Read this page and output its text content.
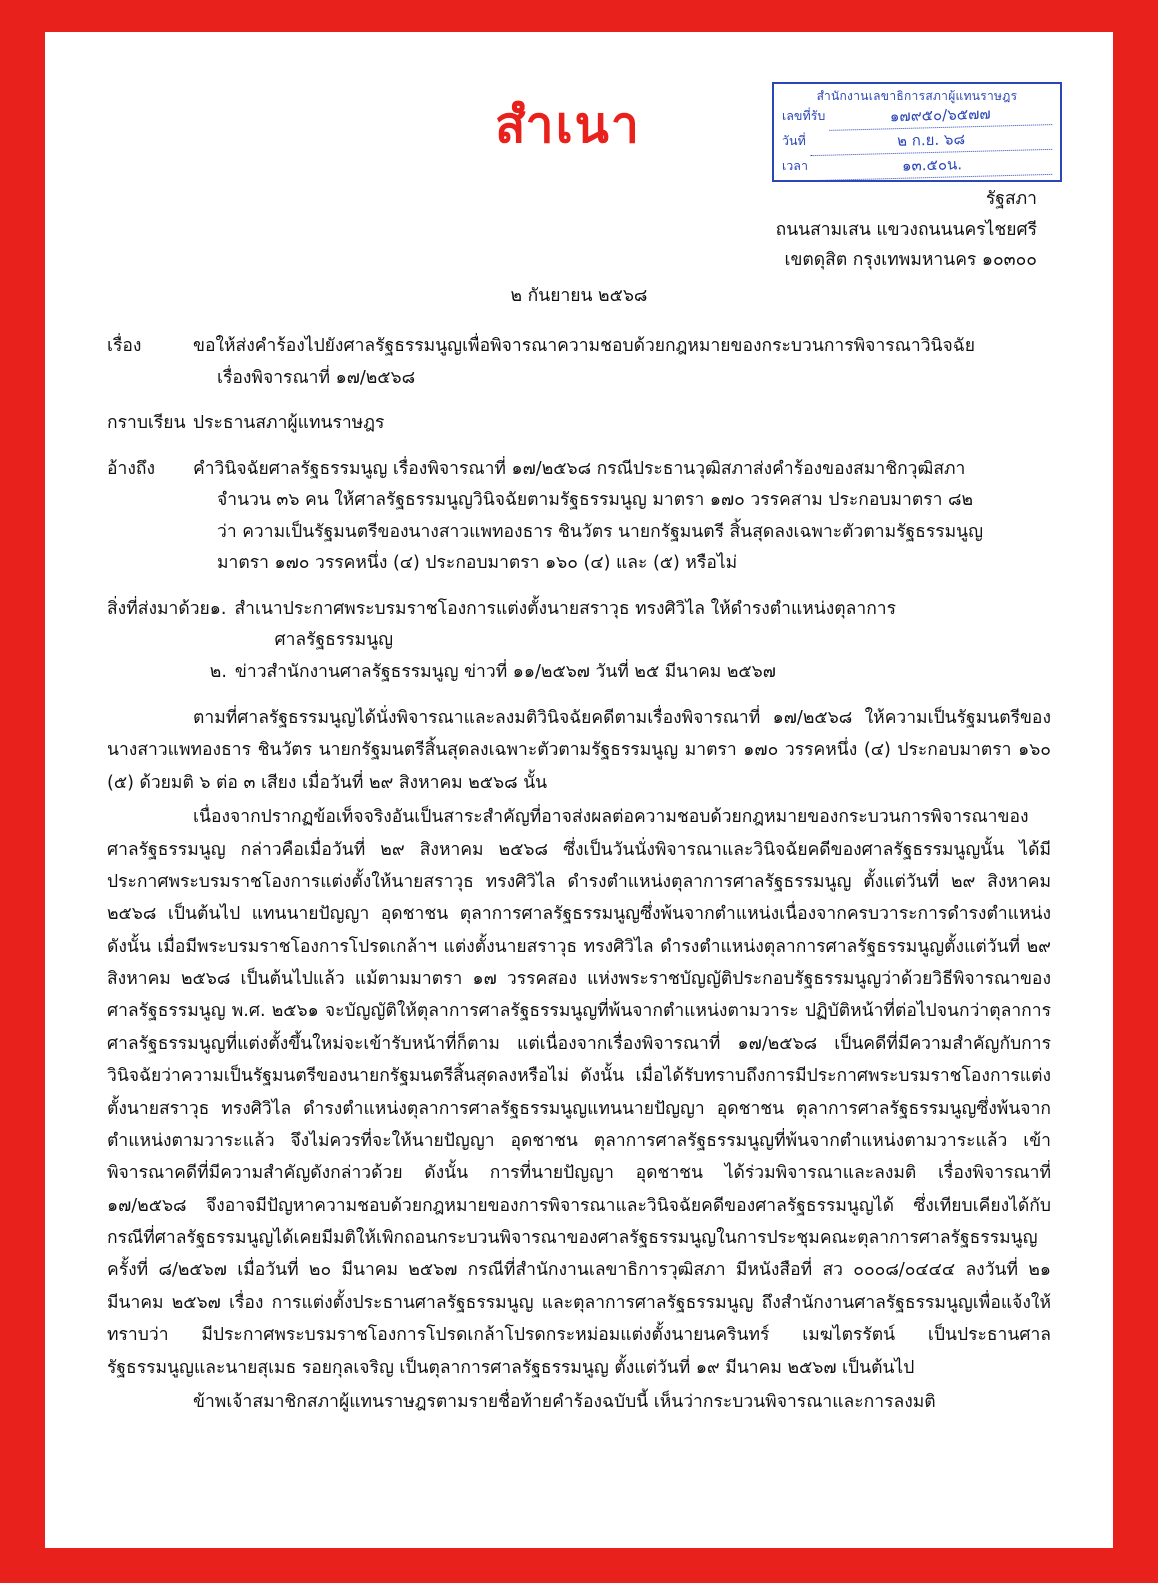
สำเนา	สำนักงานเลขาธิการสภาผู้แทนราษฎร
เลขที่รับ	๑๗๙๕๐/๖๕๗๗
วันที่	๒ ก.ย. ๖๘
เวลา	๑๓.๕๐น.
รัฐสภา
ถนนสามเสน แขวงถนนนครไชยศรี
เขตดุสิต กรุงเทพมหานคร ๑๐๓๐๐
๒ กันยายน ๒๕๖๘
เรื่อง	ขอให้ส่งคำร้องไปยังศาลรัฐธรรมนูญเพื่อพิจารณาความชอบด้วยกฎหมายของกระบวนการพิจารณาวินิจฉัย
เรื่องพิจารณาที่ ๑๗/๒๕๖๘
กราบเรียน ประธานสภาผู้แทนราษฎร
อ้างถึง	คำวินิจฉัยศาลรัฐธรรมนูญ เรื่องพิจารณาที่ ๑๗/๒๕๖๘ กรณีประธานวุฒิสภาส่งคำร้องของสมาชิกวุฒิสภา
จำนวน ๓๖ คน ให้ศาลรัฐธรรมนูญวินิจฉัยตามรัฐธรรมนูญ มาตรา ๑๗๐ วรรคสาม ประกอบมาตรา ๘๒
ว่า ความเป็นรัฐมนตรีของนางสาวแพทองธาร ชินวัตร นายกรัฐมนตรี สิ้นสุดลงเฉพาะตัวตามรัฐธรรมนูญ
มาตรา ๑๗๐ วรรคหนึ่ง (๔) ประกอบมาตรา ๑๖๐ (๔) และ (๕) หรือไม่
สิ่งที่ส่งมาด้วย ๑. สำเนาประกาศพระบรมราชโองการแต่งตั้งนายสราวุธ ทรงศิวิไล ให้ดำรงตำแหน่งตุลาการ
ศาลรัฐธรรมนูญ
๒. ข่าวสำนักงานศาลรัฐธรรมนูญ ข่าวที่ ๑๑/๒๕๖๗ วันที่ ๒๕ มีนาคม ๒๕๖๗

ตามที่ศาลรัฐธรรมนูญได้นั่งพิจารณาและลงมติวินิจฉัยคดีตามเรื่องพิจารณาที่ ๑๗/๒๕๖๘ ให้ความเป็นรัฐมนตรีของนางสาวแพทองธาร ชินวัตร นายกรัฐมนตรีสิ้นสุดลงเฉพาะตัวตามรัฐธรรมนูญ มาตรา ๑๗๐ วรรคหนึ่ง (๔) ประกอบมาตรา ๑๖๐ (๕) ด้วยมติ ๖ ต่อ ๓ เสียง เมื่อวันที่ ๒๙ สิงหาคม ๒๕๖๘ นั้น

เนื่องจากปรากฏข้อเท็จจริงอันเป็นสาระสำคัญที่อาจส่งผลต่อความชอบด้วยกฎหมายของกระบวนการพิจารณาของศาลรัฐธรรมนูญ กล่าวคือเมื่อวันที่ ๒๙ สิงหาคม ๒๕๖๘ ซึ่งเป็นวันนั่งพิจารณาและวินิจฉัยคดีของศาลรัฐธรรมนูญนั้น ได้มีประกาศพระบรมราชโองการแต่งตั้งให้นายสราวุธ ทรงศิวิไล ดำรงตำแหน่งตุลาการศาลรัฐธรรมนูญ ตั้งแต่วันที่ ๒๙ สิงหาคม ๒๕๖๘ เป็นต้นไป แทนนายปัญญา อุดชาชน ตุลาการศาลรัฐธรรมนูญซึ่งพ้นจากตำแหน่งเนื่องจากครบวาระการดำรงตำแหน่ง ดังนั้น เมื่อมีพระบรมราชโองการโปรดเกล้าฯ แต่งตั้งนายสราวุธ ทรงศิวิไล ดำรงตำแหน่งตุลาการศาลรัฐธรรมนูญตั้งแต่วันที่ ๒๙ สิงหาคม ๒๕๖๘ เป็นต้นไปแล้ว แม้ตามมาตรา ๑๗ วรรคสอง แห่งพระราชบัญญัติประกอบรัฐธรรมนูญว่าด้วยวิธีพิจารณาของศาลรัฐธรรมนูญ พ.ศ. ๒๕๖๑ จะบัญญัติให้ตุลาการศาลรัฐธรรมนูญที่พ้นจากตำแหน่งตามวาระ ปฏิบัติหน้าที่ต่อไปจนกว่าตุลาการศาลรัฐธรรมนูญที่แต่งตั้งขึ้นใหม่จะเข้ารับหน้าที่ก็ตาม แต่เนื่องจากเรื่องพิจารณาที่ ๑๗/๒๕๖๘ เป็นคดีที่มีความสำคัญกับการวินิจฉัยว่าความเป็นรัฐมนตรีของนายกรัฐมนตรีสิ้นสุดลงหรือไม่ ดังนั้น เมื่อได้รับทราบถึงการมีประกาศพระบรมราชโองการแต่งตั้งนายสราวุธ ทรงศิวิไล ดำรงตำแหน่งตุลาการศาลรัฐธรรมนูญแทนนายปัญญา อุดชาชน ตุลาการศาลรัฐธรรมนูญซึ่งพ้นจากตำแหน่งตามวาระแล้ว จึงไม่ควรที่จะให้นายปัญญา อุดชาชน ตุลาการศาลรัฐธรรมนูญที่พ้นจากตำแหน่งตามวาระแล้ว เข้าพิจารณาคดีที่มีความสำคัญดังกล่าวด้วย ดังนั้น การที่นายปัญญา อุดชาชน ได้ร่วมพิจารณาและลงมติ เรื่องพิจารณาที่ ๑๗/๒๕๖๘ จึงอาจมีปัญหาความชอบด้วยกฎหมายของการพิจารณาและวินิจฉัยคดีของศาลรัฐธรรมนูญได้ ซึ่งเทียบเคียงได้กับกรณีที่ศาลรัฐธรรมนูญได้เคยมีมติให้เพิกถอนกระบวนพิจารณาของศาลรัฐธรรมนูญในการประชุมคณะตุลาการศาลรัฐธรรมนูญ ครั้งที่ ๘/๒๕๖๗ เมื่อวันที่ ๒๐ มีนาคม ๒๕๖๗ กรณีที่สำนักงานเลขาธิการวุฒิสภา มีหนังสือที่ สว ๐๐๐๘/๐๔๔๔ ลงวันที่ ๒๑ มีนาคม ๒๕๖๗ เรื่อง การแต่งตั้งประธานศาลรัฐธรรมนูญ และตุลาการศาลรัฐธรรมนูญ ถึงสำนักงานศาลรัฐธรรมนูญเพื่อแจ้งให้ทราบว่า มีประกาศพระบรมราชโองการโปรดเกล้าโปรดกระหม่อมแต่งตั้งนายนครินทร์ เมฆไตรรัตน์ เป็นประธานศาลรัฐธรรมนูญและนายสุเมธ รอยกุลเจริญ เป็นตุลาการศาลรัฐธรรมนูญ ตั้งแต่วันที่ ๑๙ มีนาคม ๒๕๖๗ เป็นต้นไป

ข้าพเจ้าสมาชิกสภาผู้แทนราษฎรตามรายชื่อท้ายคำร้องฉบับนี้ เห็นว่ากระบวนพิจารณาและการลงมติ
